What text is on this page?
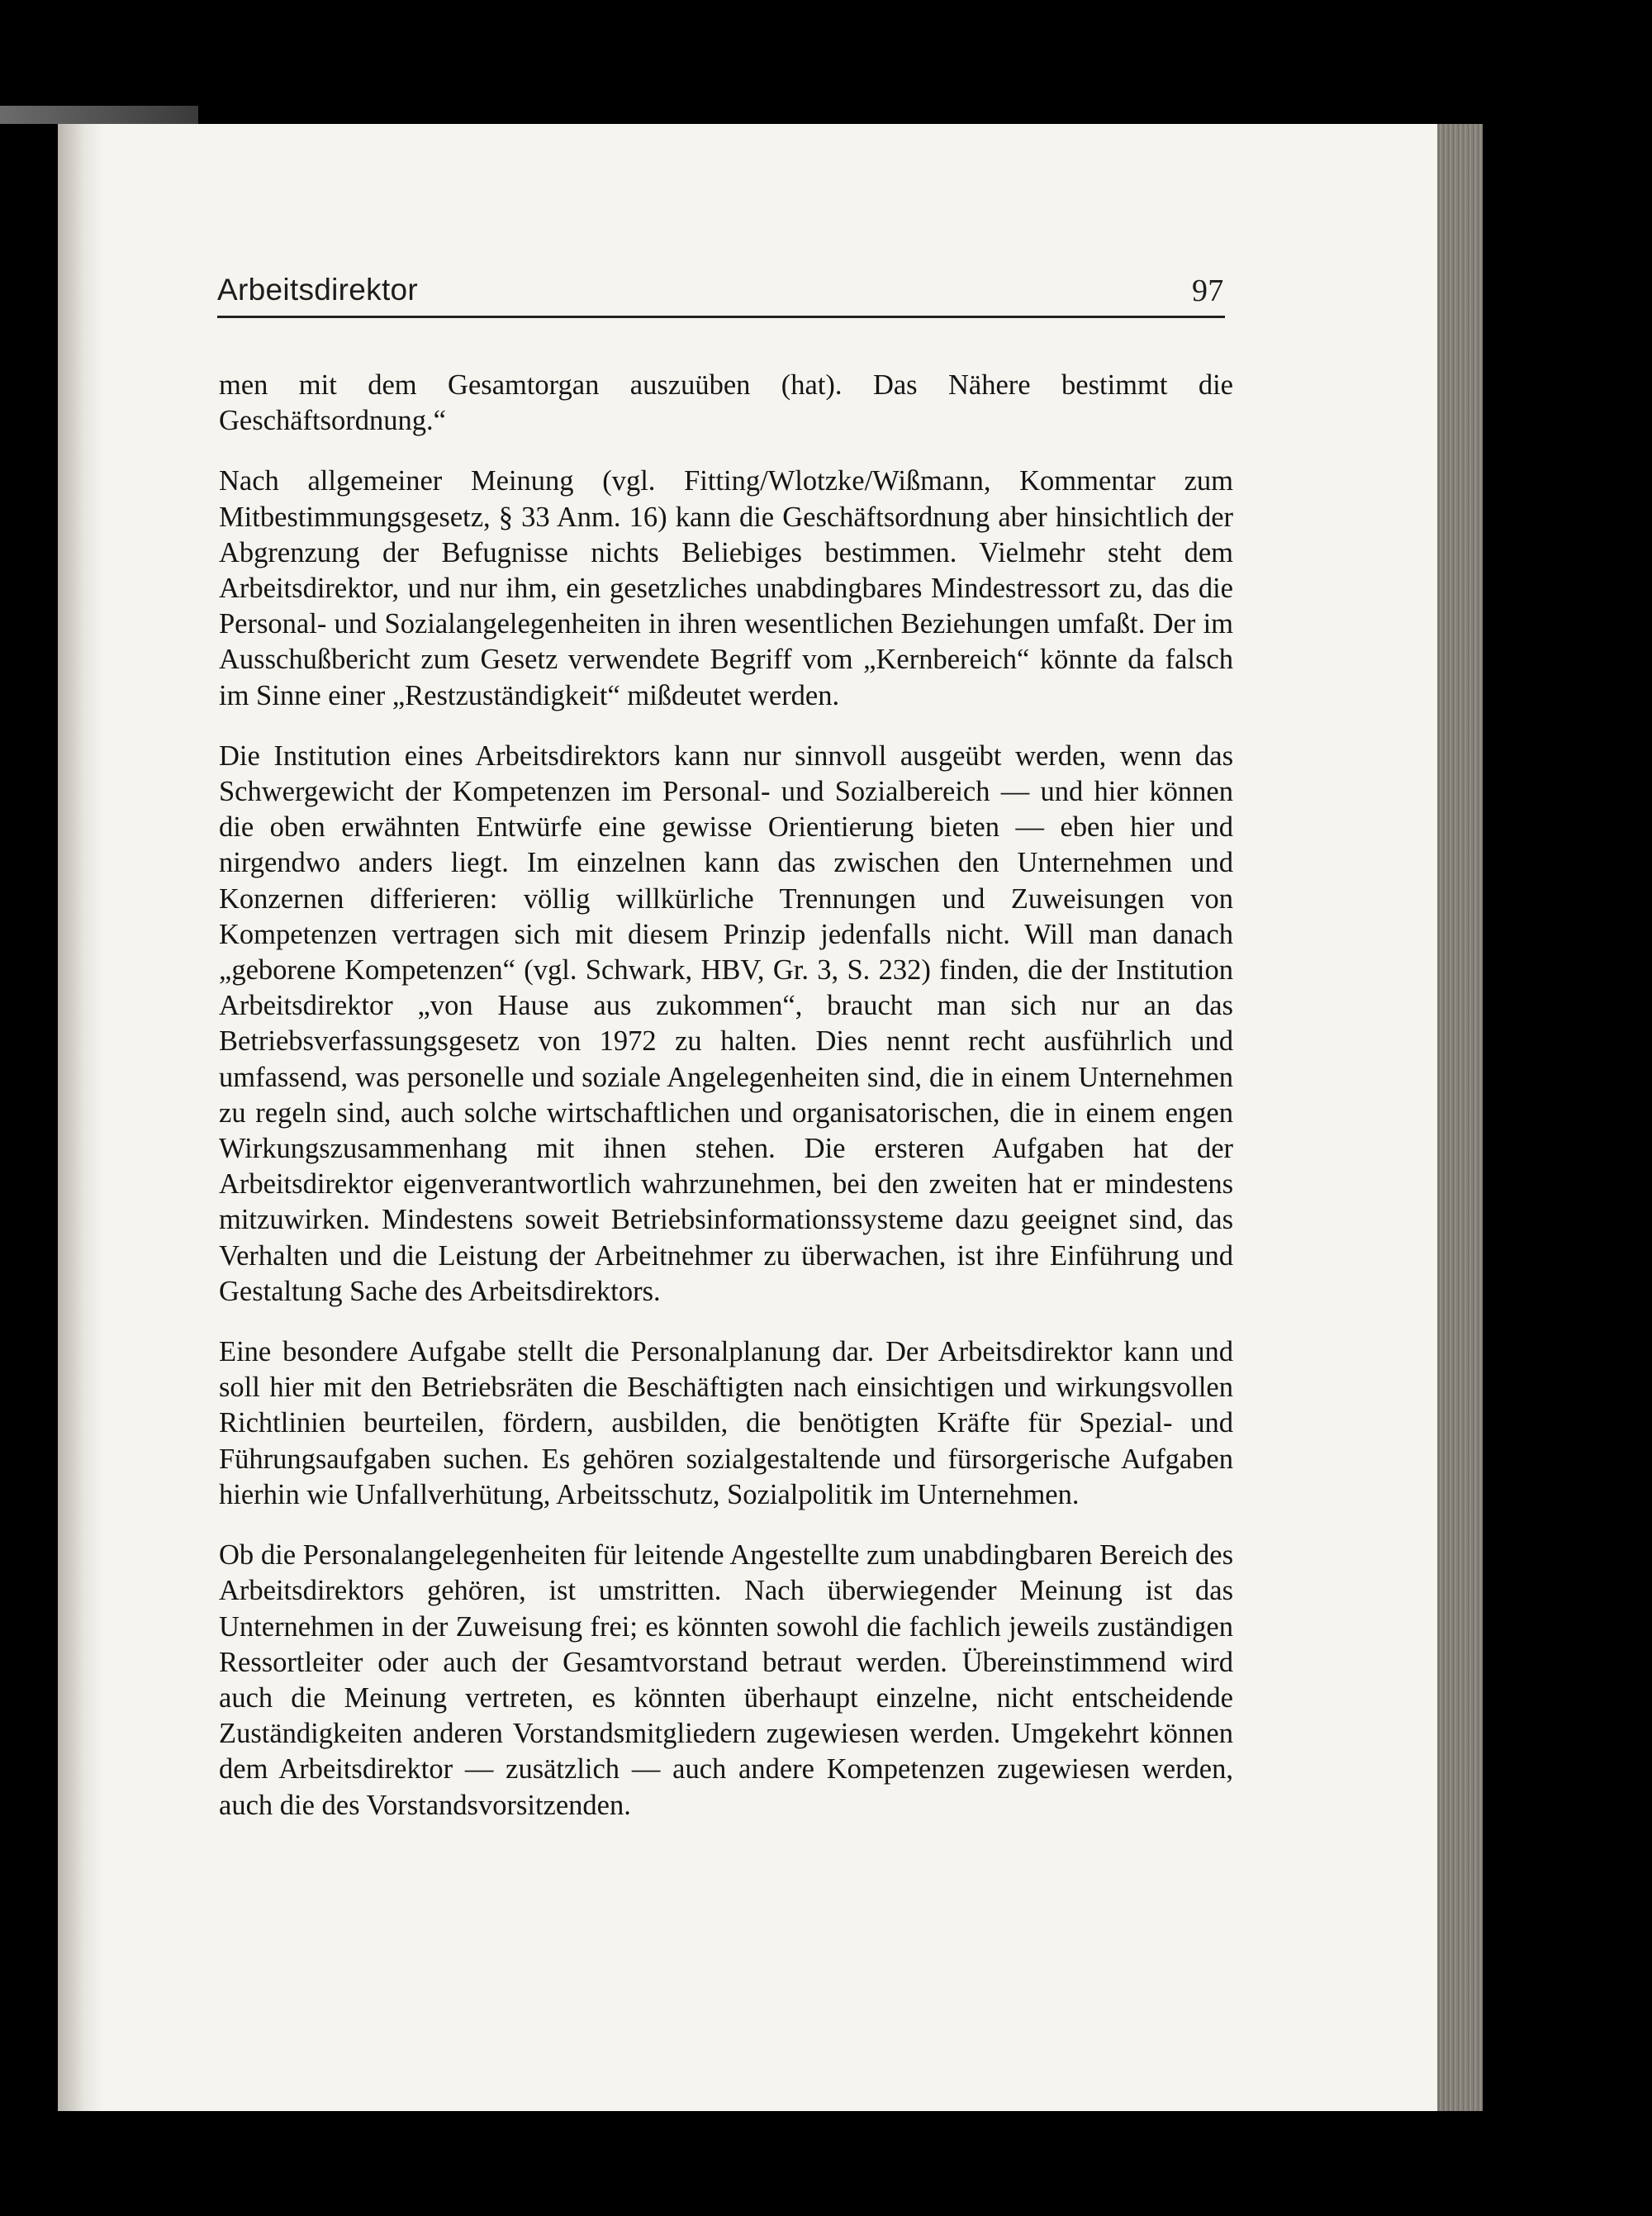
Arbeitsdirektor	97

men mit dem Gesamtorgan auszuüben (hat). Das Nähere bestimmt die Geschäftsordnung.“

Nach allgemeiner Meinung (vgl. Fitting/Wlotzke/Wißmann, Kommentar zum Mitbestimmungsgesetz, § 33 Anm. 16) kann die Geschäftsordnung aber hinsichtlich der Abgrenzung der Befugnisse nichts Beliebiges bestimmen. Vielmehr steht dem Arbeitsdirektor, und nur ihm, ein gesetzliches unabdingbares Mindestressort zu, das die Personal- und Sozialangelegenheiten in ihren wesentlichen Beziehungen umfaßt. Der im Ausschußbericht zum Gesetz verwendete Begriff vom „Kernbereich“ könnte da falsch im Sinne einer „Restzuständigkeit“ mißdeutet werden.

Die Institution eines Arbeitsdirektors kann nur sinnvoll ausgeübt werden, wenn das Schwergewicht der Kompetenzen im Personal- und Sozialbereich — und hier können die oben erwähnten Entwürfe eine gewisse Orientierung bieten — eben hier und nirgendwo anders liegt. Im einzelnen kann das zwischen den Unternehmen und Konzernen differieren: völlig willkürliche Trennungen und Zuweisungen von Kompetenzen vertragen sich mit diesem Prinzip jedenfalls nicht. Will man danach „geborene Kompetenzen“ (vgl. Schwark, HBV, Gr. 3, S. 232) finden, die der Institution Arbeitsdirektor „von Hause aus zukommen“, braucht man sich nur an das Betriebsverfassungsgesetz von 1972 zu halten. Dies nennt recht ausführlich und umfassend, was personelle und soziale Angelegenheiten sind, die in einem Unternehmen zu regeln sind, auch solche wirtschaftlichen und organisatorischen, die in einem engen Wirkungszusammenhang mit ihnen stehen. Die ersteren Aufgaben hat der Arbeitsdirektor eigenverantwortlich wahrzunehmen, bei den zweiten hat er mindestens mitzuwirken. Mindestens soweit Betriebsinformationssysteme dazu geeignet sind, das Verhalten und die Leistung der Arbeitnehmer zu überwachen, ist ihre Einführung und Gestaltung Sache des Arbeitsdirektors.

Eine besondere Aufgabe stellt die Personalplanung dar. Der Arbeitsdirektor kann und soll hier mit den Betriebsräten die Beschäftigten nach einsichtigen und wirkungsvollen Richtlinien beurteilen, fördern, ausbilden, die benötigten Kräfte für Spezial- und Führungsaufgaben suchen. Es gehören sozialgestaltende und fürsorgerische Aufgaben hierhin wie Unfallverhütung, Arbeitsschutz, Sozialpolitik im Unternehmen.

Ob die Personalangelegenheiten für leitende Angestellte zum unabdingbaren Bereich des Arbeitsdirektors gehören, ist umstritten. Nach überwiegender Meinung ist das Unternehmen in der Zuweisung frei; es könnten sowohl die fachlich jeweils zuständigen Ressortleiter oder auch der Gesamtvorstand betraut werden. Übereinstimmend wird auch die Meinung vertreten, es könnten überhaupt einzelne, nicht entscheidende Zuständigkeiten anderen Vorstandsmitgliedern zugewiesen werden. Umgekehrt können dem Arbeitsdirektor — zusätzlich — auch andere Kompetenzen zugewiesen werden, auch die des Vorstandsvorsitzenden.
